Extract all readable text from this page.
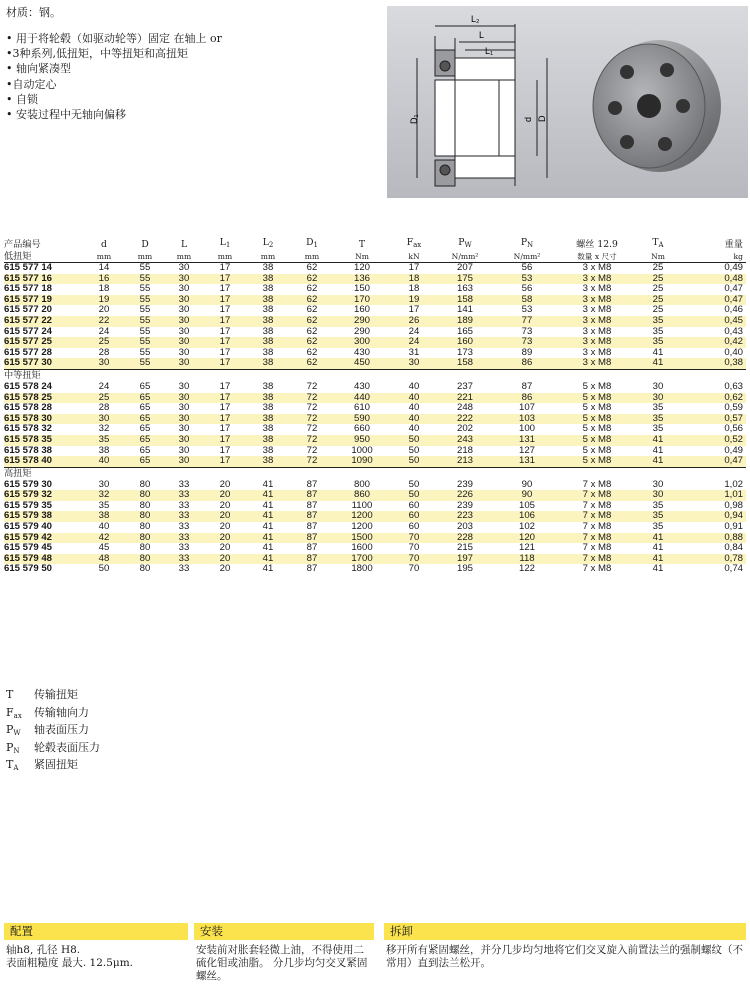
材质：钢。
• 用于将轮毂（如驱动轮等）固定 在轴上 or
•3种系列,低扭矩，中等扭矩和高扭矩
• 轴向紧凑型
•自动定心
• 自锁
• 安装过程中无轴向偏移
L₂
L
L₁
D₁	d D
产品编号	d	D	L	$L_1$	$L_2$	$D_1$	T	$F_{ax}$	$P_W$	$P_N$	螺丝 12.9	$T_A$	重量
低扭矩	mm	mm	mm	mm	mm	mm	Nm	kN	N/mm²	N/mm²	数量 x 尺寸	Nm	kg
615 577 14	14	55	30	17	38	62	120	17	207	56	3 x M8	25	0,49
615 577 16	16	55	30	17	38	62	136	18	175	53	3 x M8	25	0,48
615 577 18	18	55	30	17	38	62	150	18	163	56	3 x M8	25	0,47
615 577 19	19	55	30	17	38	62	170	19	158	58	3 x M8	25	0,47
615 577 20	20	55	30	17	38	62	160	17	141	53	3 x M8	25	0,46
615 577 22	22	55	30	17	38	62	290	26	189	77	3 x M8	35	0,45
615 577 24	24	55	30	17	38	62	290	24	165	73	3 x M8	35	0,43
615 577 25	25	55	30	17	38	62	300	24	160	73	3 x M8	35	0,42
615 577 28	28	55	30	17	38	62	430	31	173	89	3 x M8	41	0,40
615 577 30	30	55	30	17	38	62	450	30	158	86	3 x M8	41	0,38
中等扭矩													
615 578 24	24	65	30	17	38	72	430	40	237	87	5 x M8	30	0,63
615 578 25	25	65	30	17	38	72	440	40	221	86	5 x M8	30	0,62
615 578 28	28	65	30	17	38	72	610	40	248	107	5 x M8	35	0,59
615 578 30	30	65	30	17	38	72	590	40	222	103	5 x M8	35	0,57
615 578 32	32	65	30	17	38	72	660	40	202	100	5 x M8	35	0,56
615 578 35	35	65	30	17	38	72	950	50	243	131	5 x M8	41	0,52
615 578 38	38	65	30	17	38	72	1000	50	218	127	5 x M8	41	0,49
615 578 40	40	65	30	17	38	72	1090	50	213	131	5 x M8	41	0,47
高扭矩													
615 579 30	30	80	33	20	41	87	800	50	239	90	7 x M8	30	1,02
615 579 32	32	80	33	20	41	87	860	50	226	90	7 x M8	30	1,01
615 579 35	35	80	33	20	41	87	1100	60	239	105	7 x M8	35	0,98
615 579 38	38	80	33	20	41	87	1200	60	223	106	7 x M8	35	0,94
615 579 40	40	80	33	20	41	87	1200	60	203	102	7 x M8	35	0,91
615 579 42	42	80	33	20	41	87	1500	70	228	120	7 x M8	41	0,88
615 579 45	45	80	33	20	41	87	1600	70	215	121	7 x M8	41	0,84
615 579 48	48	80	33	20	41	87	1700	70	197	118	7 x M8	41	0,78
615 579 50	50	80	33	20	41	87	1800	70	195	122	7 x M8	41	0,74
T	传输扭矩
$F_{ax}$	传输轴向力
$P_W$	轴表面压力
$P_N$	轮毂表面压力
$T_A$	紧固扭矩
配置
轴h8, 孔径 H8.
表面粗糙度 最大. 12.5μm.
安装
安装前对胀套轻微上油，不得使用二硫化钼或油脂。 分几步均匀交叉紧固螺丝。
拆卸
移开所有紧固螺丝，并分几步均匀地将它们交叉旋入前置法兰的强制螺纹（不常用）直到法兰松开。
